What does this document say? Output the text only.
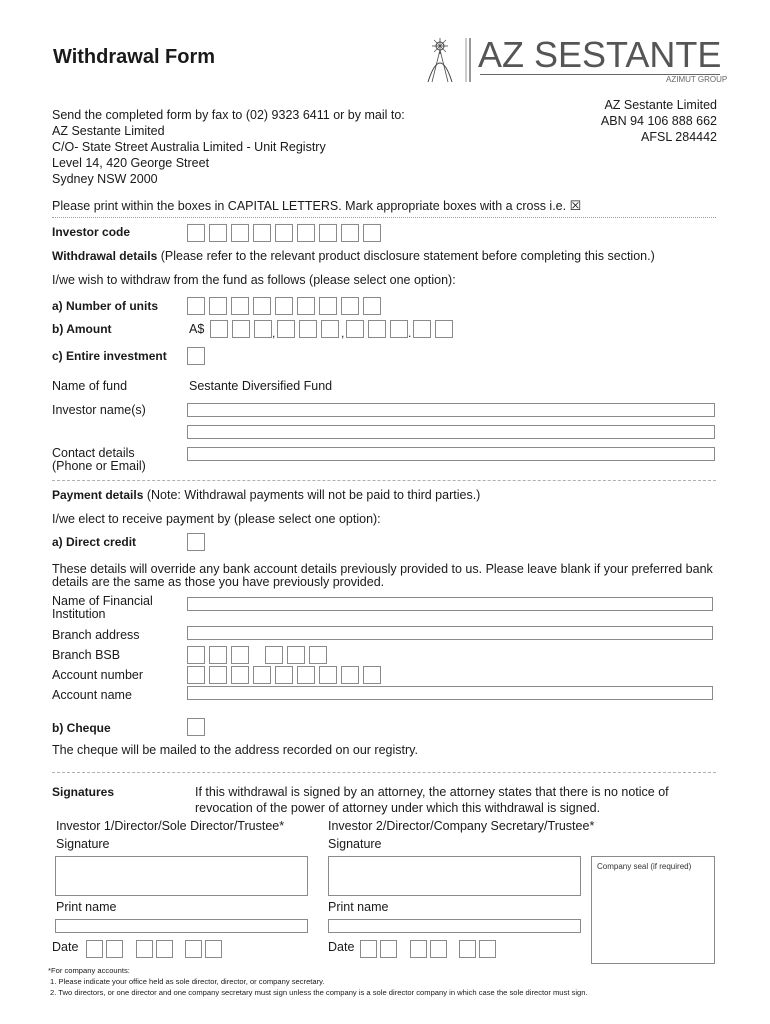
Withdrawal Form	AZ SESTANTE
AZIMUT GROUP
AZ Sestante Limited
ABN 94 106 888 662
AFSL 284442
Send the completed form by fax to (02) 9323 6411 or by mail to:
AZ Sestante Limited
C/O- State Street Australia Limited - Unit Registry
Level 14, 420 George Street
Sydney NSW 2000
Please print within the boxes in CAPITAL LETTERS. Mark appropriate boxes with a cross i.e. ☒
Investor code
Withdrawal details (Please refer to the relevant product disclosure statement before completing this section.)
I/we wish to withdraw from the fund as follows (please select one option):
a) Number of units
b) Amount	A$	,	,	.
c) Entire investment
Name of fund	Sestante Diversified Fund
Investor name(s)
Contact details
(Phone or Email)
Payment details (Note: Withdrawal payments will not be paid to third parties.)
I/we elect to receive payment by (please select one option):
a) Direct credit
These details will override any bank account details previously provided to us. Please leave blank if your preferred bank
details are the same as those you have previously provided.
Name of Financial
Institution
Branch address
Branch BSB
Account number
Account name
b) Cheque
The cheque will be mailed to the address recorded on our registry.
Signatures	If this withdrawal is signed by an attorney, the attorney states that there is no notice of
revocation of the power of attorney under which this withdrawal is signed.
Investor 1/Director/Sole Director/Trustee*	Investor 2/Director/Company Secretary/Trustee*
Signature	Signature
Company seal (if required)
Print name	Print name
Date	Date
*For company accounts:
1. Please indicate your office held as sole director, director, or company secretary.
2. Two directors, or one director and one company secretary must sign unless the company is a sole director company in which case the sole director must sign.
